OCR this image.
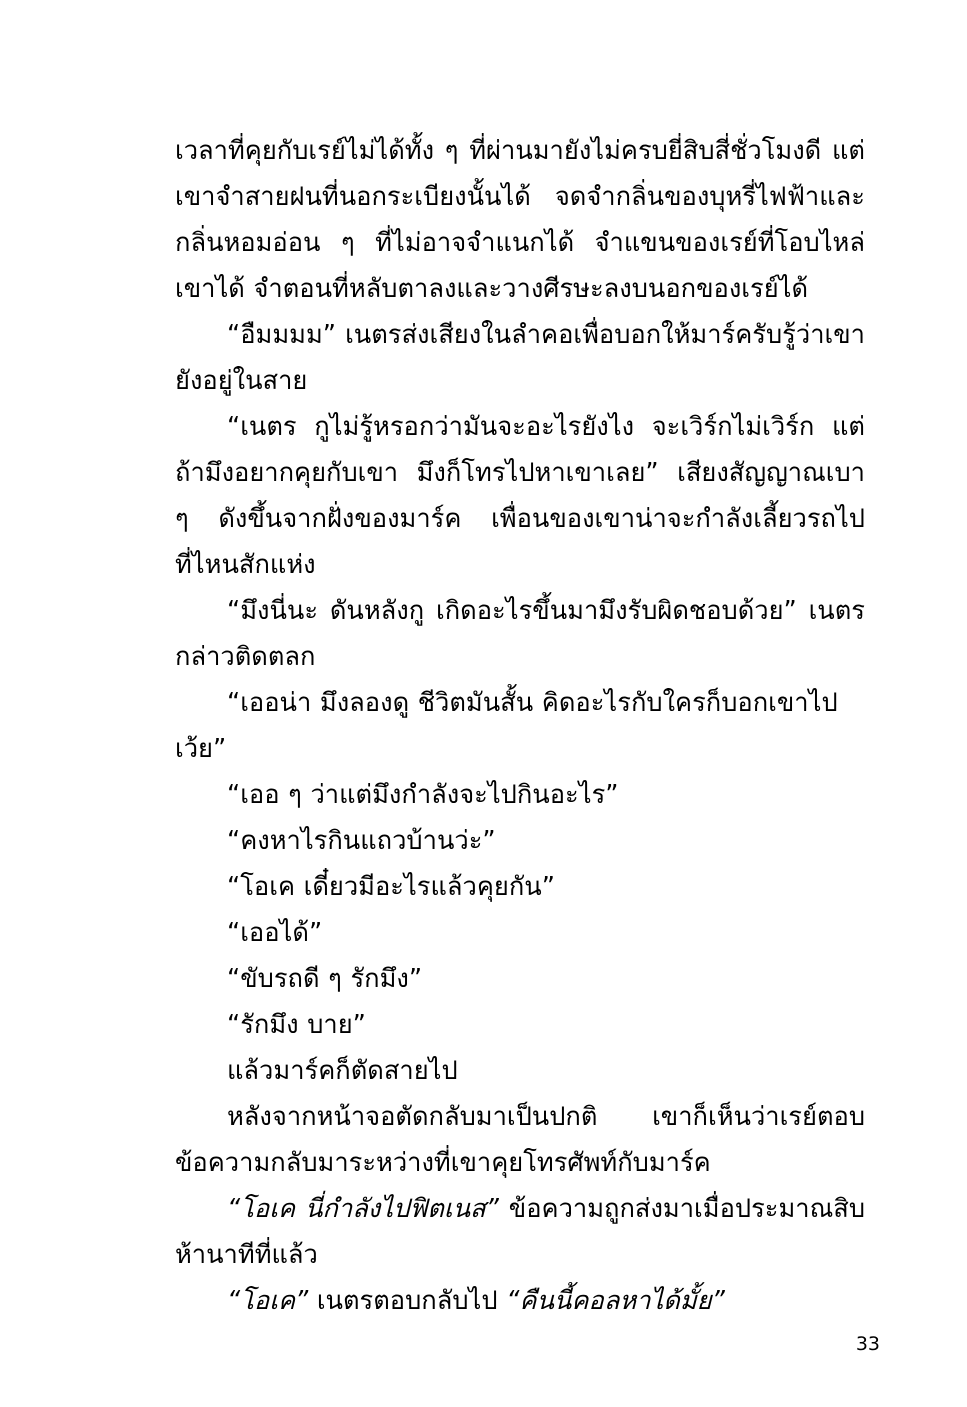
เวลาที่คุยกับเรย์ไม่ได้ทั้ง ๆ ที่ผ่านมายังไม่ครบยี่สิบสี่ชั่วโมงดี แต่เขาจำสายฝนที่นอกระเบียงนั้นได้ จดจำกลิ่นของบุหรี่ไฟฟ้าและกลิ่นหอมอ่อน ๆ ที่ไม่อาจจำแนกได้ จำแขนของเรย์ที่โอบไหล่เขาได้ จำตอนที่หลับตาลงและวางศีรษะลงบนอกของเรย์ได้

“อืมมมม” เนตรส่งเสียงในลำคอเพื่อบอกให้มาร์ครับรู้ว่าเขายังอยู่ในสาย

“เนตร กูไม่รู้หรอกว่ามันจะอะไรยังไง จะเวิร์กไม่เวิร์ก แต่ถ้ามึงอยากคุยกับเขา มึงก็โทรไปหาเขาเลย” เสียงสัญญาณเบา ๆ ดังขึ้นจากฝั่งของมาร์ค เพื่อนของเขาน่าจะกำลังเลี้ยวรถไปที่ไหนสักแห่ง

“มึงนี่นะ ดันหลังกู เกิดอะไรขึ้นมามึงรับผิดชอบด้วย” เนตรกล่าวติดตลก

“เออน่า มึงลองดู ชีวิตมันสั้น คิดอะไรกับใครก็บอกเขาไปเว้ย”

“เออ ๆ ว่าแต่มึงกำลังจะไปกินอะไร”

“คงหาไรกินแถวบ้านว่ะ”

“โอเค เดี๋ยวมีอะไรแล้วคุยกัน”

“เออได้”

“ขับรถดี ๆ รักมึง”

“รักมึง บาย”

แล้วมาร์คก็ตัดสายไป

หลังจากหน้าจอตัดกลับมาเป็นปกติ เขาก็เห็นว่าเรย์ตอบข้อความกลับมาระหว่างที่เขาคุยโทรศัพท์กับมาร์ค

“โอเค นี่กำลังไปฟิตเนส” ข้อความถูกส่งมาเมื่อประมาณสิบห้านาทีที่แล้ว

“โอเค” เนตรตอบกลับไป “คืนนี้คอลหาได้มั้ย”

33
